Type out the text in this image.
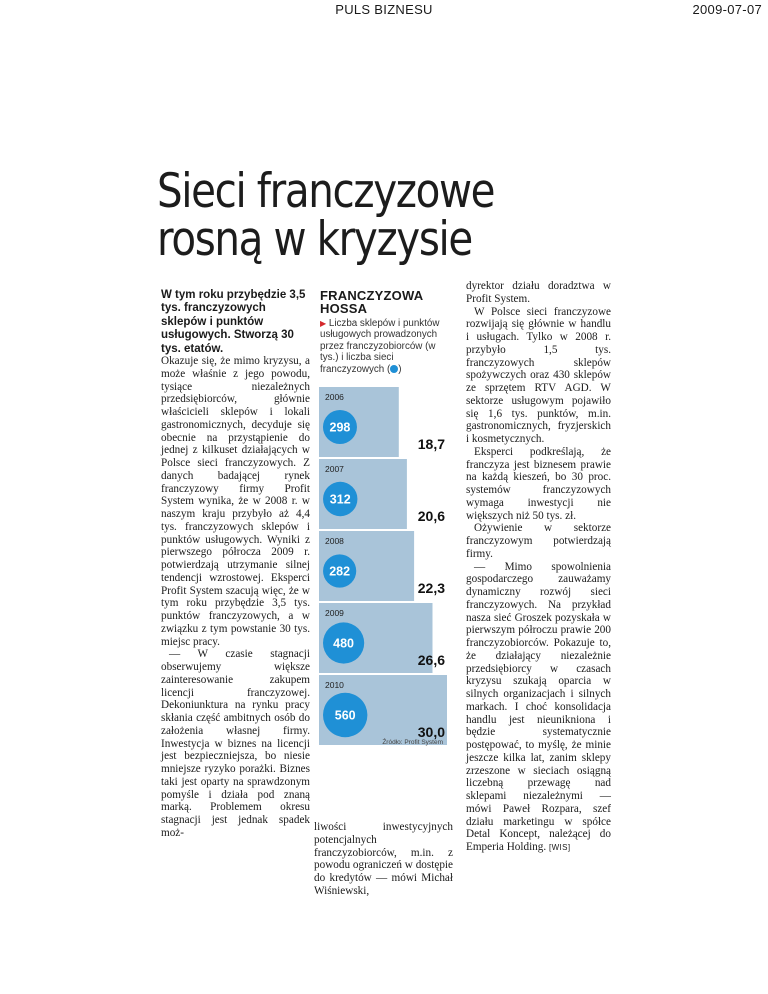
PULS BIZNESU	2009-07-07
Sieci franczyzowe
rosną w kryzysie
W tym roku przybędzie 3,5 tys. franczyzowych sklepów i punktów usługowych. Stworzą 30 tys. etatów.

Okazuje się, że mimo kryzysu, a może właśnie z jego powodu, tysiące niezależnych przedsiębiorców, głównie właścicieli sklepów i lokali gastronomicznych, decyduje się obecnie na przystąpienie do jednej z kilkuset działających w Polsce sieci franczyzowych. Z danych badającej rynek franczyzowy firmy Profit System wynika, że w 2008 r. w naszym kraju przybyło aż 4,4 tys. franczyzowych sklepów i punktów usługowych. Wyniki z pierwszego półrocza 2009 r. potwierdzają utrzymanie silnej tendencji wzrostowej. Eksperci Profit System szacują więc, że w tym roku przybędzie 3,5 tys. punktów franczyzowych, a w związku z tym powstanie 30 tys. miejsc pracy.

— W czasie stagnacji obserwujemy większe zainteresowanie zakupem licencji franczyzowej. Dekoniunktura na rynku pracy skłania część ambitnych osób do założenia własnej firmy. Inwestycja w biznes na licencji jest bezpieczniejsza, bo niesie mniejsze ryzyko porażki. Biznes taki jest oparty na sprawdzonym pomyśle i działa pod znaną marką. Problemem okresu stagnacji jest jednak spadek moż-

FRANCZYZOWA
HOSSA
▶ Liczba sklepów i punktów usługowych prowadzonych przez franczyzobiorców (w tys.) i liczba sieci franczyzowych ( )
2006
298
18,7
2007
312
20,6
2008
282
22,3
2009
480
26,6
2010
560
30,0
Źródło: Profit System

liwości inwestycyjnych potencjalnych franczyzobiorców, m.in. z powodu ograniczeń w dostępie do kredytów — mówi Michał Wiśniewski,

dyrektor działu doradztwa w Profit System.

W Polsce sieci franczyzowe rozwijają się głównie w handlu i usługach. Tylko w 2008 r. przybyło 1,5 tys. franczyzowych sklepów spożywczych oraz 430 sklepów ze sprzętem RTV AGD. W sektorze usługowym pojawiło się 1,6 tys. punktów, m.in. gastronomicznych, fryzjerskich i kosmetycznych.

Eksperci podkreślają, że franczyza jest biznesem prawie na każdą kieszeń, bo 30 proc. systemów franczyzowych wymaga inwestycji nie większych niż 50 tys. zł.

Ożywienie w sektorze franczyzowym potwierdzają firmy.

— Mimo spowolnienia gospodarczego zauważamy dynamiczny rozwój sieci franczyzowych. Na przykład nasza sieć Groszek pozyskała w pierwszym półroczu prawie 200 franczyzobiorców. Pokazuje to, że działający niezależnie przedsiębiorcy w czasach kryzysu szukają oparcia w silnych organizacjach i silnych markach. I choć konsolidacja handlu jest nieunikniona i będzie systematycznie postępować, to myślę, że minie jeszcze kilka lat, zanim sklepy zrzeszone w sieciach osiągną liczebną przewagę nad sklepami niezależnymi — mówi Paweł Rozpara, szef działu marketingu w spółce Detal Koncept, należącej do Emperia Holding. [WIS]
